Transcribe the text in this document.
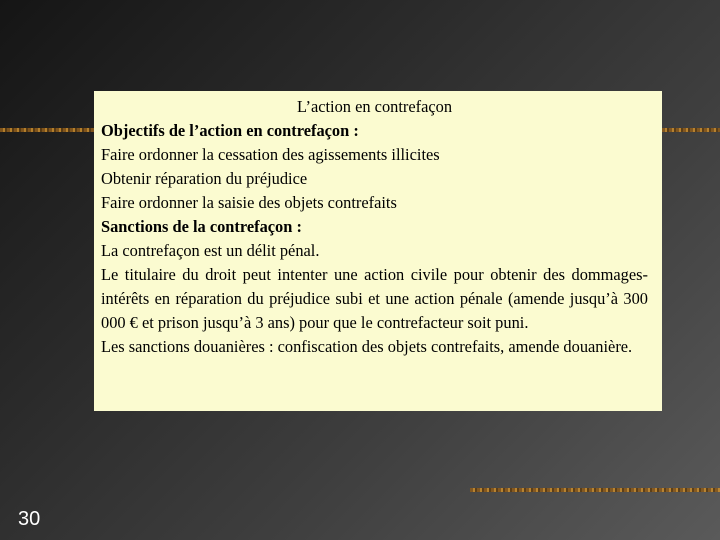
L’action en contrefaçon

Objectifs de l’action en contrefaçon :

Faire ordonner la cessation des agissements illicites

Obtenir réparation du préjudice

Faire ordonner la saisie des objets contrefaits

Sanctions de la contrefaçon :

La contrefaçon est un délit pénal.

Le titulaire du droit peut intenter une action civile pour obtenir des dommages-intérêts en réparation du préjudice subi et une action pénale (amende jusqu’à 300 000 € et prison jusqu’à 3 ans) pour que le contrefacteur soit puni.

Les sanctions douanières : confiscation des objets contrefaits, amende douanière.

30
